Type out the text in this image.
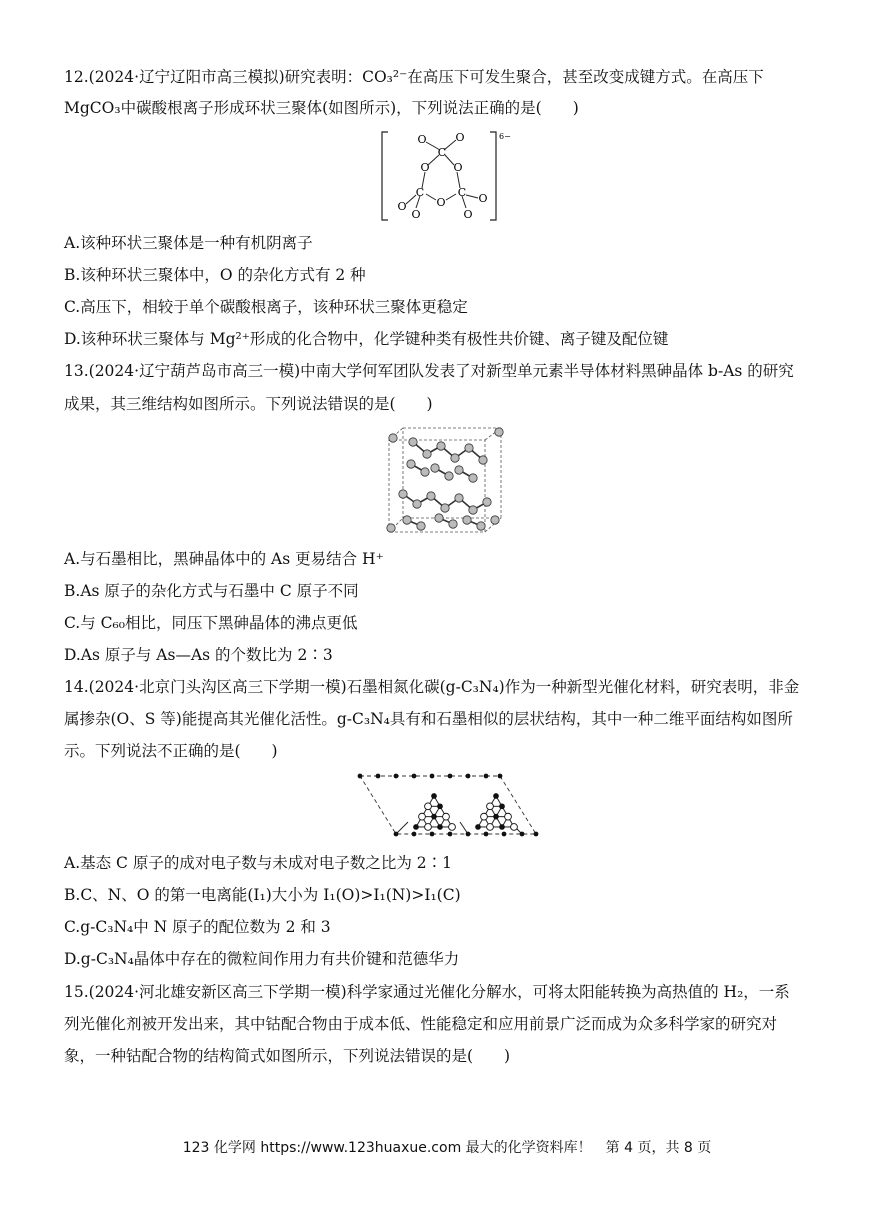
12.(2024·辽宁辽阳市高三模拟)研究表明：CO₃²⁻在高压下可发生聚合，甚至改变成键方式。在高压下
MgCO₃中碳酸根离子形成环状三聚体(如图所示)，下列说法正确的是(　　)
6−
O	O
C
O O
C	C
O
O
O
O
O
A.该种环状三聚体是一种有机阴离子
B.该种环状三聚体中，O 的杂化方式有 2 种
C.高压下，相较于单个碳酸根离子，该种环状三聚体更稳定
D.该种环状三聚体与 Mg²⁺形成的化合物中，化学键种类有极性共价键、离子键及配位键
13.(2024·辽宁葫芦岛市高三一模)中南大学何军团队发表了对新型单元素半导体材料黑砷晶体 b-As 的研究
成果，其三维结构如图所示。下列说法错误的是(　　)
A.与石墨相比，黑砷晶体中的 As 更易结合 H⁺
B.As 原子的杂化方式与石墨中 C 原子不同
C.与 C₆₀相比，同压下黑砷晶体的沸点更低
D.As 原子与 As—As 的个数比为 2∶3
14.(2024·北京门头沟区高三下学期一模)石墨相氮化碳(g-C₃N₄)作为一种新型光催化材料，研究表明，非金
属掺杂(O、S 等)能提高其光催化活性。g-C₃N₄具有和石墨相似的层状结构，其中一种二维平面结构如图所
示。下列说法不正确的是(　　)
A.基态 C 原子的成对电子数与未成对电子数之比为 2∶1
B.C、N、O 的第一电离能(I₁)大小为 I₁(O)>I₁(N)>I₁(C)
C.g-C₃N₄中 N 原子的配位数为 2 和 3
D.g-C₃N₄晶体中存在的微粒间作用力有共价键和范德华力
15.(2024·河北雄安新区高三下学期一模)科学家通过光催化分解水，可将太阳能转换为高热值的 H₂，一系
列光催化剂被开发出来，其中钴配合物由于成本低、性能稳定和应用前景广泛而成为众多科学家的研究对
象，一种钴配合物的结构简式如图所示，下列说法错误的是(　　)
123 化学网 https://www.123huaxue.com 最大的化学资料库！　第 4 页，共 8 页
